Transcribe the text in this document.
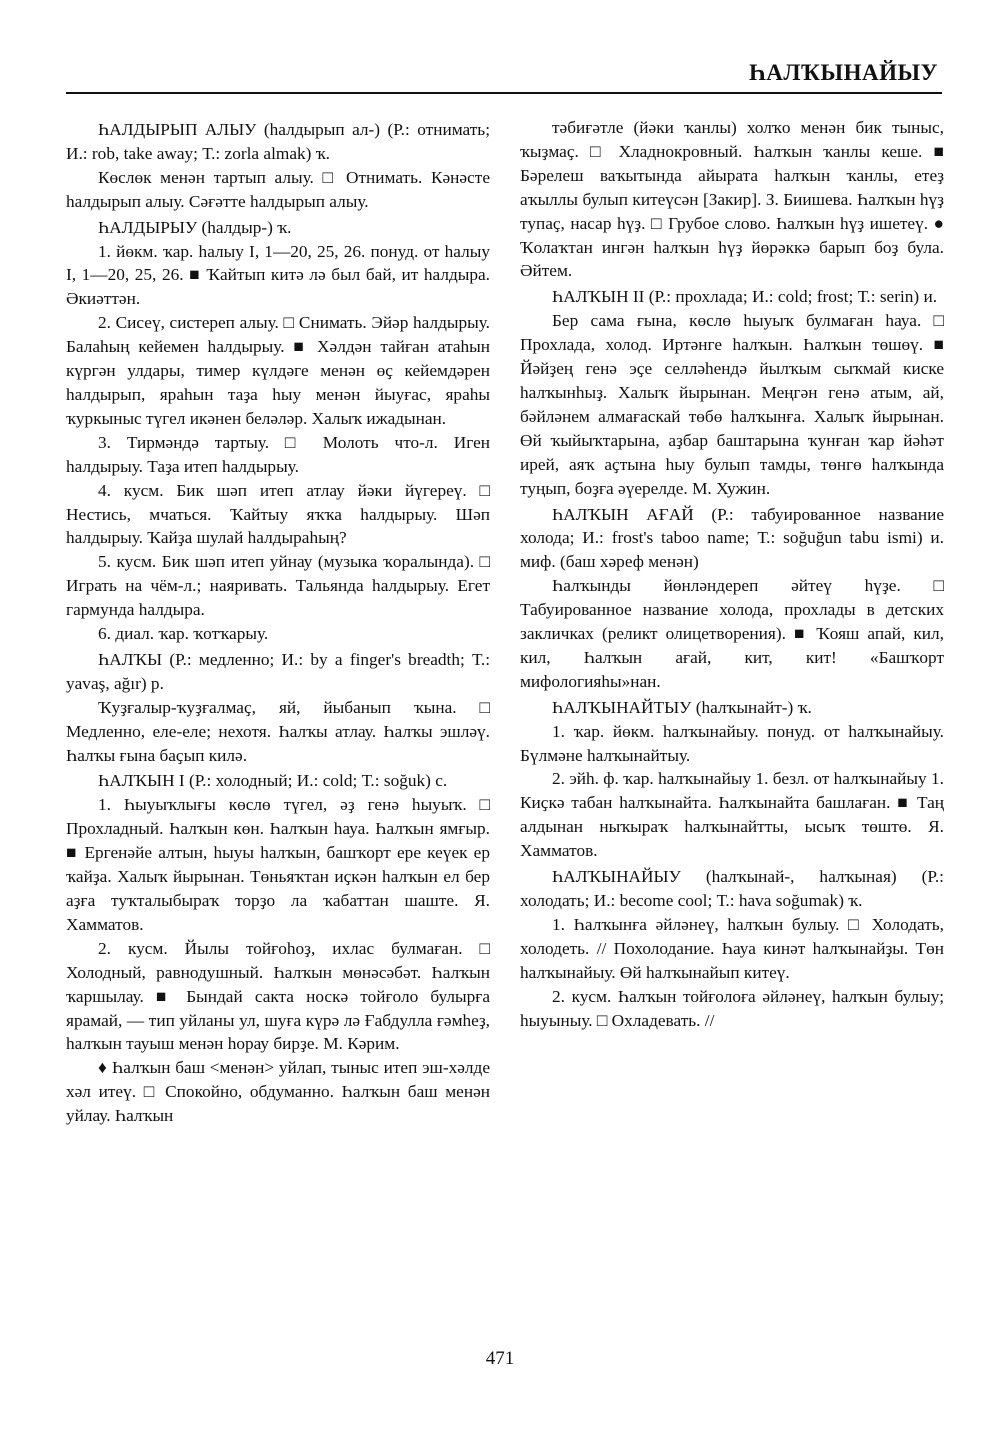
ҺАЛҠЫНАЙЫУ

ҺАЛДЫРЫП АЛЫУ (һалдырып ал-) (Р.: отнимать; И.: rob, take away; Т.: zorla almak) ҡ.

Көслөк менән тартып алыу. □ Отнимать. Кәнәсте һалдырып алыу. Сәғәтте һалдырып алыу.

ҺАЛДЫРЫУ (һалдыр-) ҡ.

1. йөкм. ҡар. һалыу I, 1—20, 25, 26. понуд. от һалыу I, 1—20, 25, 26. ■ Ҡайтып китә лә был бай, ит һалдыра. Әкиәттән.

2. Сисеү, систереп алыу. □ Снимать. Эйәр һалдырыу. Балаһың кейемен һалдырыу. ■ Хәлдән тайған атаһын күргән улдары, тимер күлдәге менән өҫ кейемдәрен һалдырып, яраһын таҙа һыу менән йыуғас, яраһы ҡуркыныс түгел икәнен беләләр. Халыҡ ижадынан.

3. Тирмәндә тартыу. □ Молоть что-л. Иген һалдырыу. Таҙа итеп һалдырыу.

4. кусм. Бик шәп итеп атлау йәки йүгереү. □ Нестись, мчаться. Ҡайтыу яҡҡа һалдырыу. Шәп һалдырыу. Ҡайҙа шулай һалдыраһың?

5. кусм. Бик шәп итеп уйнау (музыка ҡоралында). □ Играть на чём-л.; наяривать. Тальянда һалдырыу. Егет гармунда һалдыра.

6. диал. ҡар. ҡотҡарыу.

ҺАЛҠЫ (Р.: медленно; И.: by a finger's breadth; Т.: yavaş, ağır) р.

Ҡуҙғалыр-ҡуҙғалмаҫ, яй, йыбанып ҡына. □ Медленно, еле-еле; нехотя. Һалҡы атлау. Һалҡы эшләү. Һалҡы ғына баҫып килә.

ҺАЛҠЫН I (Р.: холодный; И.: cold; Т.: soğuk) с.

1. Һыуыҡлығы көслө түгел, әҙ генә һыуыҡ. □ Прохладный. Һалҡын көн. Һалҡын һауа. Һалҡын ямғыр. ■ Ергенәйе алтын, һыуы һалҡын, башҡорт ере кеүек ер ҡайҙа. Халыҡ йырынан. Төньяҡтан иҫкән һалҡын ел бер аҙға туҡталыбыраҡ торҙо ла ҡабаттан шаште. Я. Хамматов.

2. кусм. Йылы тойғоһоҙ, ихлас булмаған. □ Холодный, равнодушный. Һалҡын мөнәсәбәт. Һалҡын ҡаршылау. ■ Бындай сакта носкә тойғоло булырға ярамай, — тип уйланы ул, шуға күрә лә Ғабдулла ғәмһеҙ, һалҡын тауыш менән һорау бирҙе. М. Кәрим.

♦ Һалҡын баш <менән> уйлап, тыныс итеп эш-хәлде хәл итеү. □ Спокойно, обдуманно. Һалҡын баш менән уйлау. Һалҡын

тәбиғәтле (йәки ҡанлы) холҡо менән бик тыныс, ҡыҙмаҫ. □ Хладнокровный. Һалҡын ҡанлы кеше. ■ Бәрелеш ваҡытында айырата һалҡын ҡанлы, етеҙ аҡыллы булып китеүсән [Закир]. З. Биишева. Һалҡын һүҙ тупаҫ, насар һүҙ. □ Грубое слово. Һалҡын һүҙ ишетеү. ● Ҡолаҡтан ингән һалҡын һүҙ йөрәккә барып боҙ була. Әйтем.

ҺАЛҠЫН II (Р.: прохлада; И.: cold; frost; Т.: serin) и.

Бер сама ғына, көслө һыуыҡ булмаған һауа. □ Прохлада, холод. Иртәнге һалҡын. Һалҡын төшөү. ■ Йәйҙең генә эҫе селләһендә йылҡым сыҡмай киске һалҡынһыҙ. Халыҡ йырынан. Меңгән генә атым, ай, бәйләнем алмағаскай төбө һалҡынға. Халыҡ йырынан. Өй ҡыйыҡтарына, аҙбар баштарына ҡунған ҡар йәһәт ирей, аяҡ аҫтына һыу булып тамды, төнгө һалҡында туңып, боҙға әүерелде. М. Хужин.

ҺАЛҠЫН АҒАЙ (Р.: табуированное название холода; И.: frost's taboo name; Т.: soğuğun tabu ismi) и. миф. (баш хәреф менән)

Һалҡынды йөнләндереп әйтеү һүҙе. □ Табуированное название холода, прохлады в детских закличках (реликт олицетворения). ■ Ҡояш апай, кил, кил, Һалҡын ағай, кит, кит! «Башҡорт мифологияһы»нан.

ҺАЛҠЫНАЙТЫУ (һалҡынайт-) ҡ.

1. ҡар. йөкм. һалҡынайыу. понуд. от һалҡынайыу. Бүлмәне һалҡынайтыу.

2. эйһ. ф. ҡар. һалҡынайыу 1. безл. от һалҡынайыу 1. Киҫкә табан һалҡынайта. Һалҡынайта башлаған. ■ Таң алдынан ныҡыраҡ һалҡынайтты, ысыҡ төштө. Я. Хамматов.

ҺАЛҠЫНАЙЫУ (һалҡынай-, һалҡыная) (Р.: холодать; И.: become cool; Т.: hava soğumak) ҡ.

1. Һалҡынға әйләнеү, һалҡын булыу. □ Холодать, холодеть. // Похолодание. Һауа кинәт һалҡынайҙы. Төн һалҡынайыу. Өй һалҡынайып китеү.

2. кусм. Һалҡын тойғолоға әйләнеү, һалҡын булыу; һыуыныу. □ Охладевать. //

471
